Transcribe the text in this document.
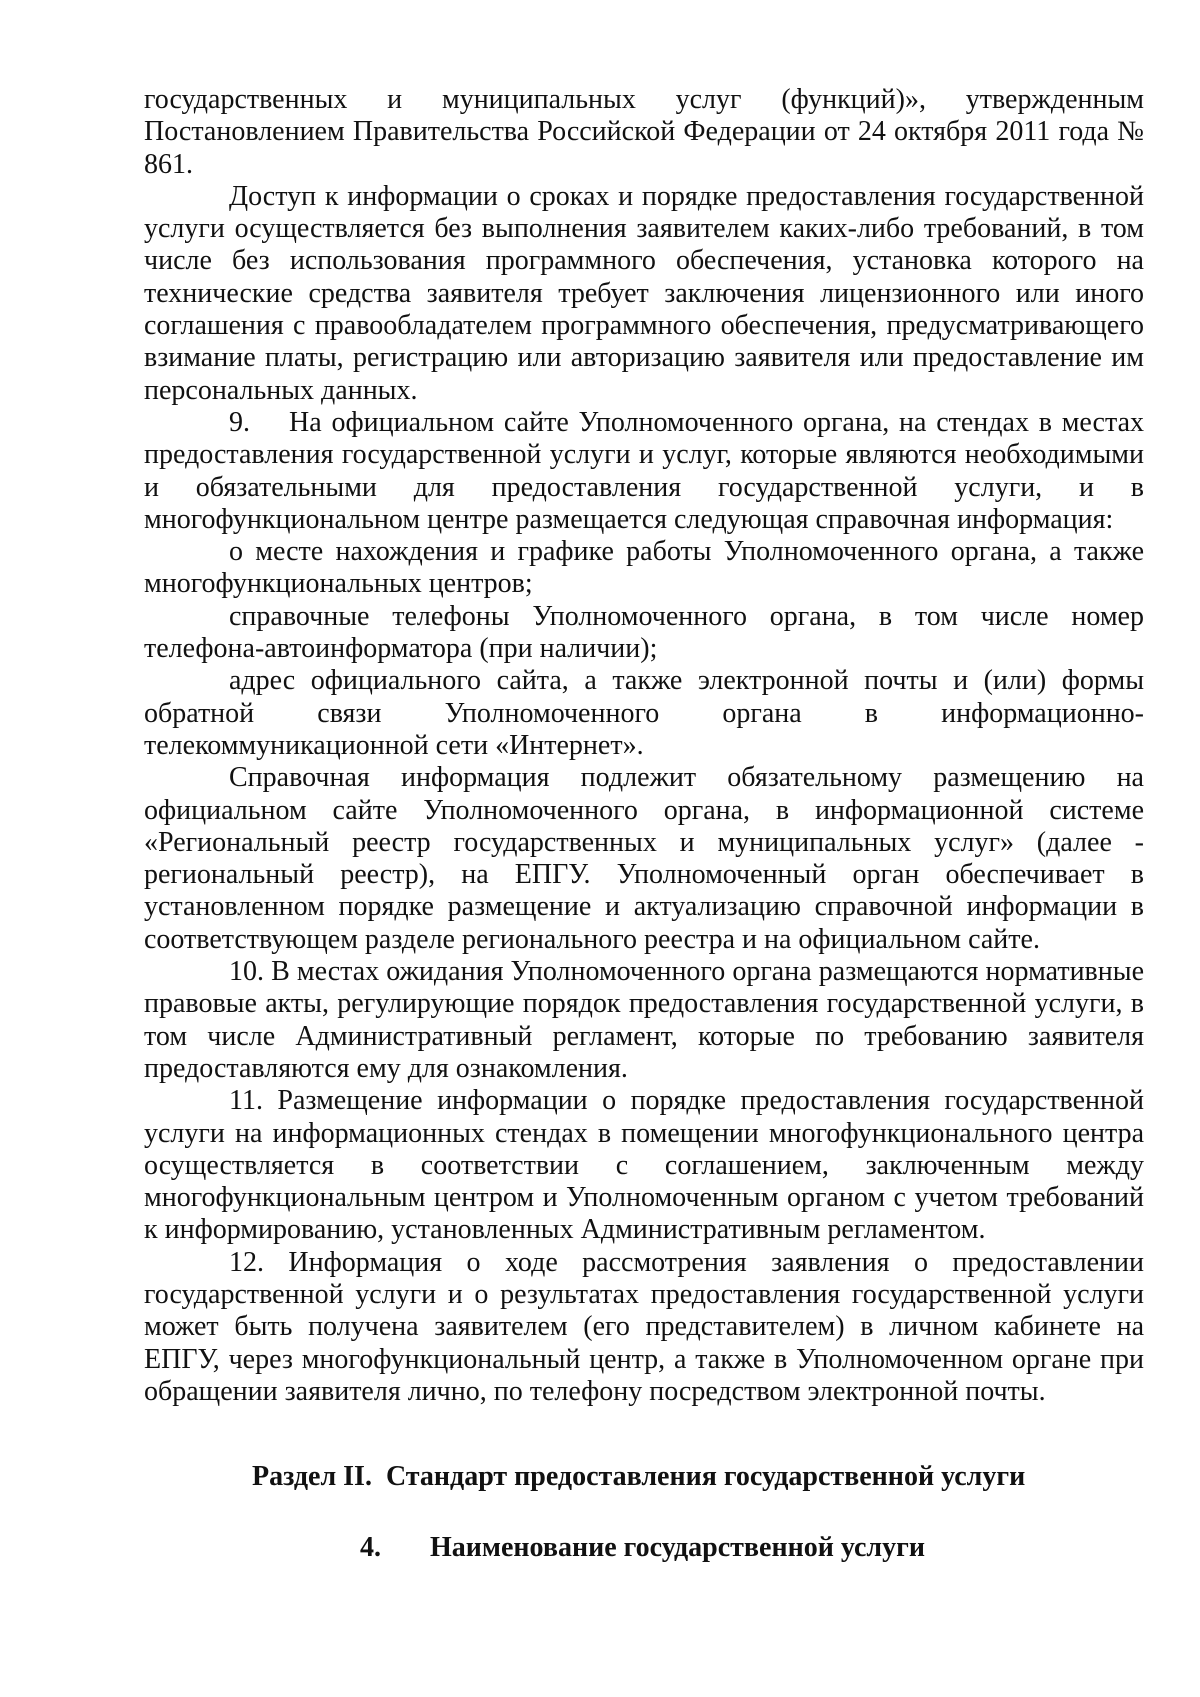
государственных и муниципальных услуг (функций)», утвержденным Постановлением Правительства Российской Федерации от 24 октября 2011 года № 861.

Доступ к информации о сроках и порядке предоставления государственной услуги осуществляется без выполнения заявителем каких-либо требований, в том числе без использования программного обеспечения, установка которого на технические средства заявителя требует заключения лицензионного или иного соглашения с правообладателем программного обеспечения, предусматривающего взимание платы, регистрацию или авторизацию заявителя или предоставление им персональных данных.

9.    На официальном сайте Уполномоченного органа, на стендах в местах предоставления государственной услуги и услуг, которые являются необходимыми и обязательными для предоставления государственной услуги, и в многофункциональном центре размещается следующая справочная информация:

о месте нахождения и графике работы Уполномоченного органа, а также многофункциональных центров;

справочные телефоны Уполномоченного органа, в том числе номер телефона-автоинформатора (при наличии);

адрес официального сайта, а также электронной почты и (или) формы обратной связи Уполномоченного органа в информационно-телекоммуникационной сети «Интернет».

Справочная информация подлежит обязательному размещению на официальном сайте Уполномоченного органа, в информационной системе «Региональный реестр государственных и муниципальных услуг» (далее - региональный реестр), на ЕПГУ. Уполномоченный орган обеспечивает в установленном порядке размещение и актуализацию справочной информации в соответствующем разделе регионального реестра и на официальном сайте.

10. В местах ожидания Уполномоченного органа размещаются нормативные правовые акты, регулирующие порядок предоставления государственной услуги, в том числе Административный регламент, которые по требованию заявителя предоставляются ему для ознакомления.

11. Размещение информации о порядке предоставления государственной услуги на информационных стендах в помещении многофункционального центра осуществляется в соответствии с соглашением, заключенным между многофункциональным центром и Уполномоченным органом с учетом требований к информированию, установленных Административным регламентом.

12. Информация о ходе рассмотрения заявления о предоставлении государственной услуги и о результатах предоставления государственной услуги может быть получена заявителем (его представителем) в личном кабинете на ЕПГУ, через многофункциональный центр, а также в Уполномоченном органе при обращении заявителя лично, по телефону посредством электронной почты.

Раздел II.  Стандарт предоставления государственной услуги
4. Наименование государственной услуги
